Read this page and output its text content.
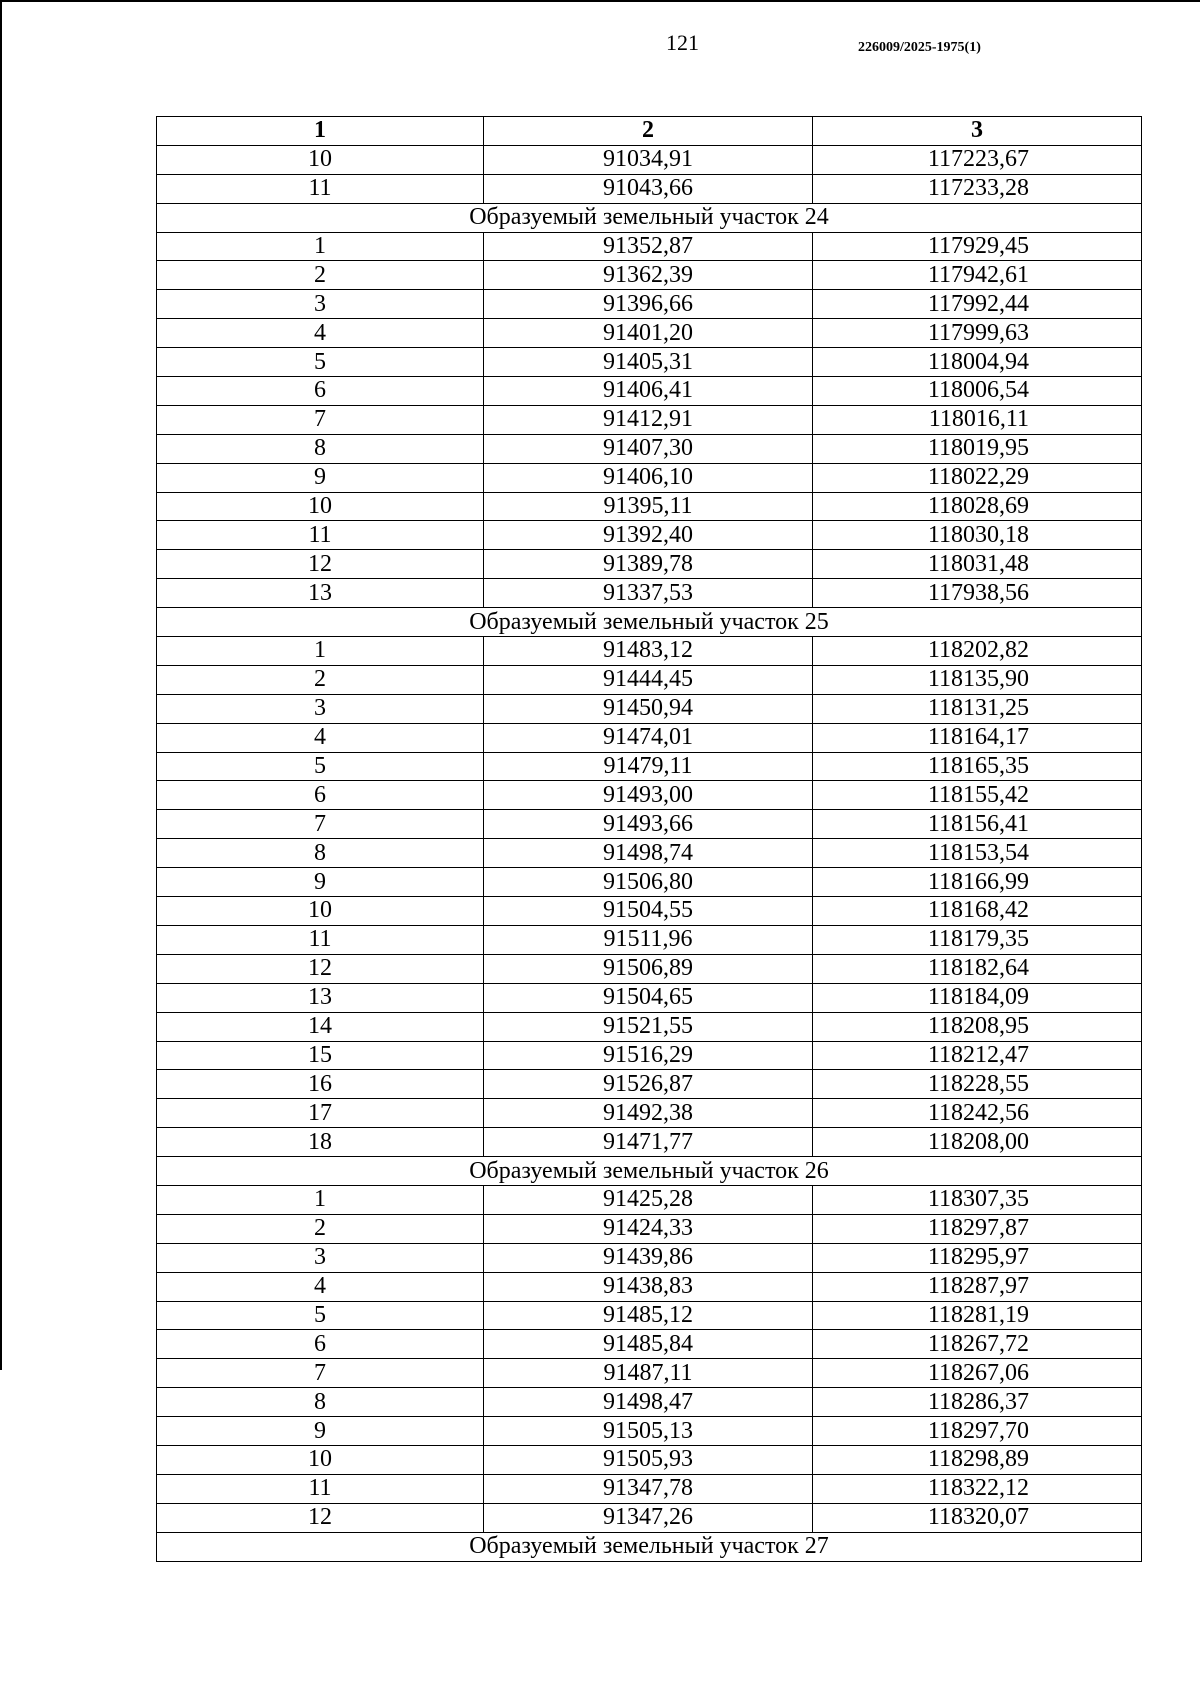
121	226009/2025-1975(1)
1	2	3
10	91034,91	117223,67
11	91043,66	117233,28
Образуемый земельный участок 24		
1	91352,87	117929,45
2	91362,39	117942,61
3	91396,66	117992,44
4	91401,20	117999,63
5	91405,31	118004,94
6	91406,41	118006,54
7	91412,91	118016,11
8	91407,30	118019,95
9	91406,10	118022,29
10	91395,11	118028,69
11	91392,40	118030,18
12	91389,78	118031,48
13	91337,53	117938,56
Образуемый земельный участок 25		
1	91483,12	118202,82
2	91444,45	118135,90
3	91450,94	118131,25
4	91474,01	118164,17
5	91479,11	118165,35
6	91493,00	118155,42
7	91493,66	118156,41
8	91498,74	118153,54
9	91506,80	118166,99
10	91504,55	118168,42
11	91511,96	118179,35
12	91506,89	118182,64
13	91504,65	118184,09
14	91521,55	118208,95
15	91516,29	118212,47
16	91526,87	118228,55
17	91492,38	118242,56
18	91471,77	118208,00
Образуемый земельный участок 26		
1	91425,28	118307,35
2	91424,33	118297,87
3	91439,86	118295,97
4	91438,83	118287,97
5	91485,12	118281,19
6	91485,84	118267,72
7	91487,11	118267,06
8	91498,47	118286,37
9	91505,13	118297,70
10	91505,93	118298,89
11	91347,78	118322,12
12	91347,26	118320,07
Образуемый земельный участок 27		
